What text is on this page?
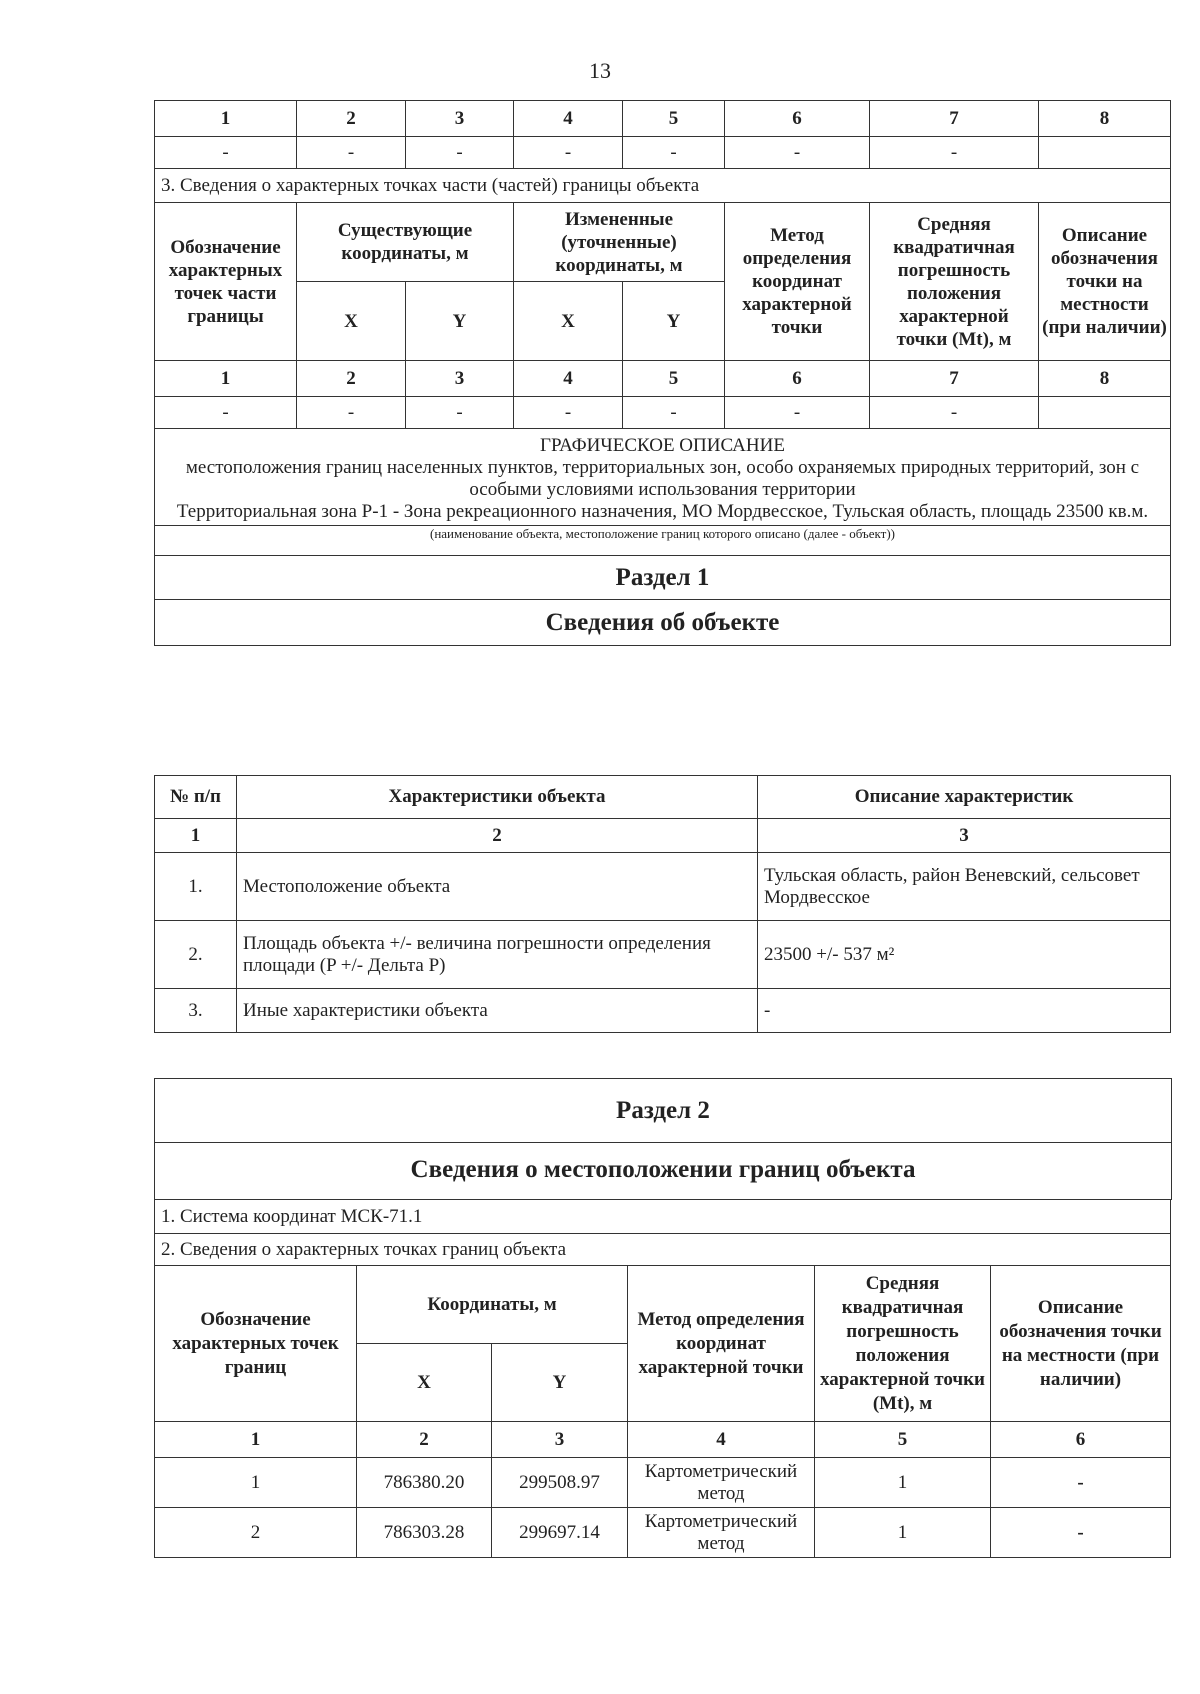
13
1	2	3	4	5	6	7	8
-	-	-	-	-	-	-	
3. Сведения о характерных точках части (частей) границы объекта							
Обозначение характерных точек части границы	Существующие координаты, м		Измененные (уточненные) координаты, м		Метод определения координат характерной точки	Средняя квадратичная погрешность положения характерной точки (Mt), м	Описание обозначения точки на местности (при наличии)
	X	Y	X	Y			
1	2	3	4	5	6	7	8
-	-	-	-	-	-	-	

ГРАФИЧЕСКОЕ ОПИСАНИЕ
местоположения границ населенных пунктов, территориальных зон, особо охраняемых природных территорий, зон с особыми условиями использования территории
Территориальная зона Р-1 - Зона рекреационного назначения, МО Мордвесское, Тульская область, площадь 23500 кв.м.							

(наименование объекта, местоположение границ которого описано (далее - объект))							
Раздел 1							
Сведения об объекте							
№ п/п	Характеристики объекта	Описание характеристик
1	2	3
1.	Местоположение объекта	Тульская область, район Веневский, сельсовет Мордвесское
2.	Площадь объекта +/- величина погрешности определения площади (P +/- Дельта P)	23500 +/- 537 м²
3.	Иные характеристики объекта	-
Раздел 2
Сведения о местоположении границ объекта
1. Система координат МСК-71.1					
2. Сведения о характерных точках границ объекта					
Обозначение характерных точек границ	Координаты, м		Метод определения координат характерной точки	Средняя квадратичная погрешность положения характерной точки (Mt), м	Описание обозначения точки на местности (при наличии)
	X	Y			
1	2	3	4	5	6
1	786380.20	299508.97	Картометрический метод	1	-
2	786303.28	299697.14	Картометрический метод	1	-
